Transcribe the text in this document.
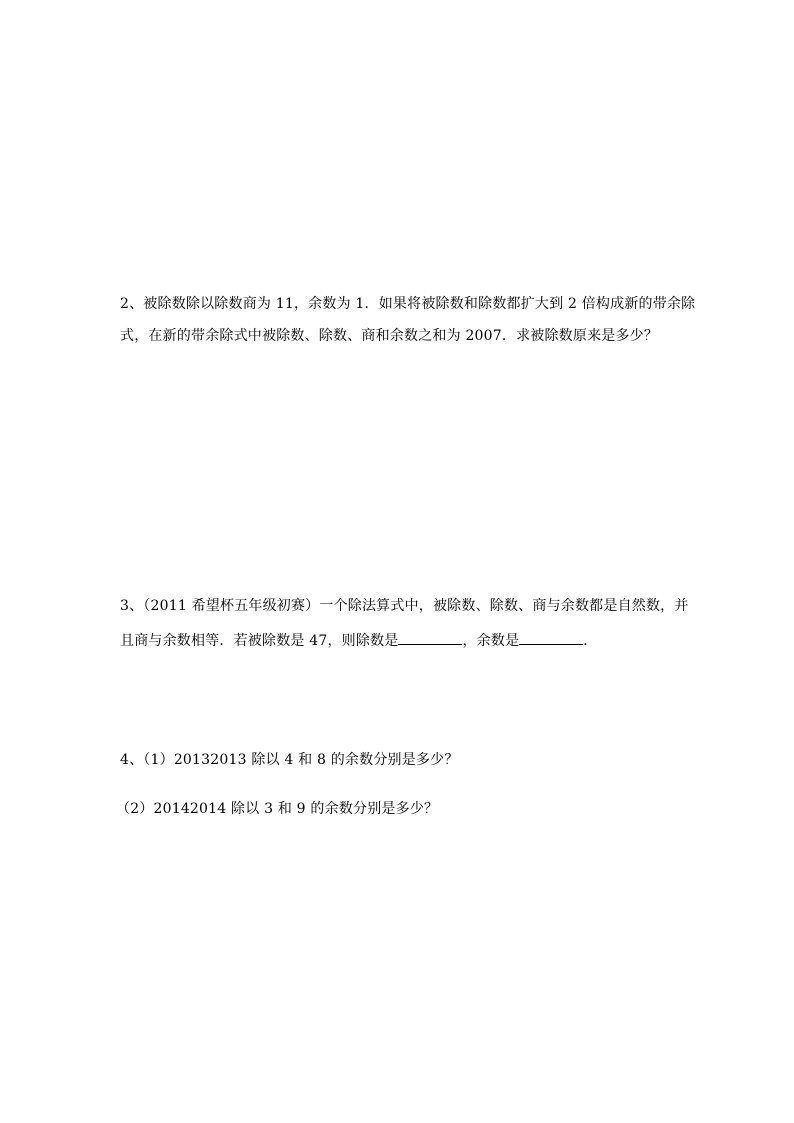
2、被除数除以除数商为 11，余数为 1．如果将被除数和除数都扩大到 2 倍构成新的带余除
式，在新的带余除式中被除数、除数、商和余数之和为 2007．求被除数原来是多少？
3、（2011 希望杯五年级初赛）一个除法算式中，被除数、除数、商与余数都是自然数，并
且商与余数相等．若被除数是 47，则除数是	，余数是	．
4、（1）20132013 除以 4 和 8 的余数分别是多少？
（2）20142014 除以 3 和 9 的余数分别是多少？
